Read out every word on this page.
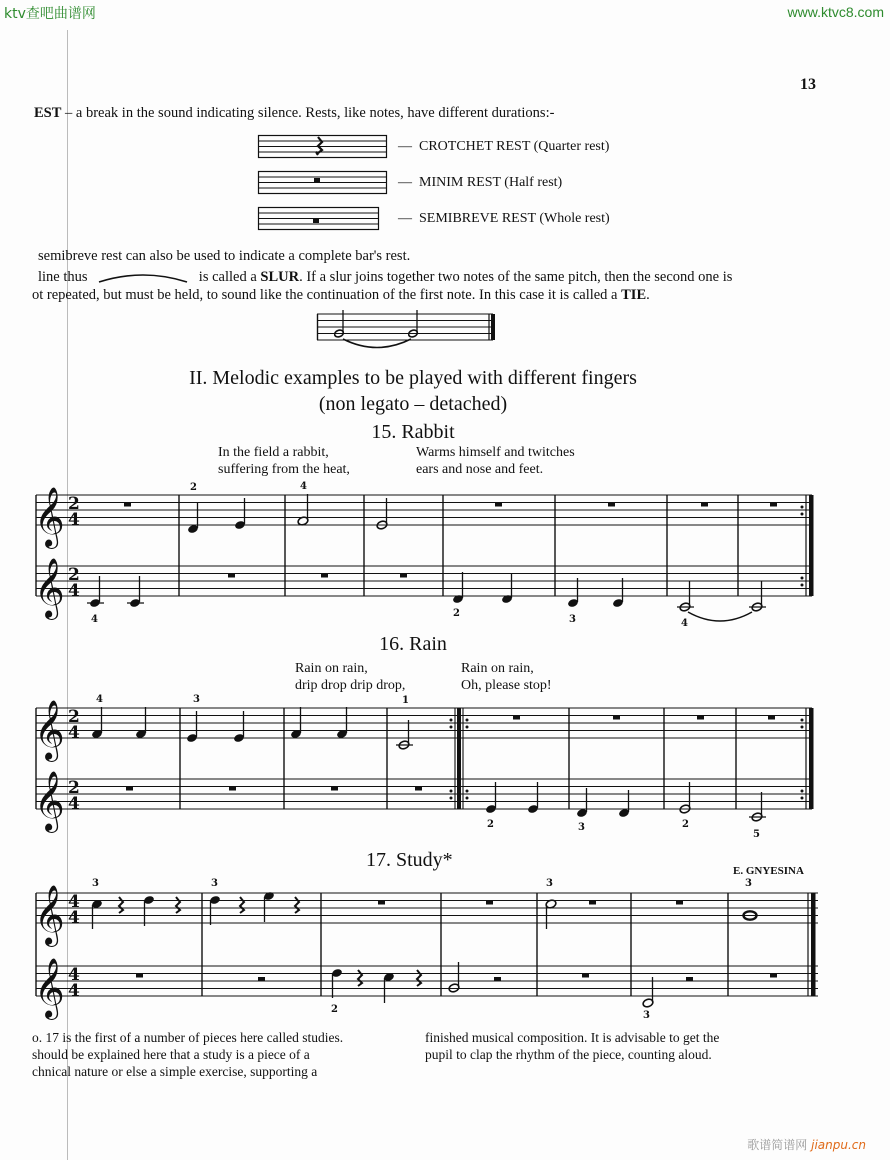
ktv查吧曲谱网	www.ktvc8.com
13
EST – a break in the sound indicating silence. Rests, like notes, have different durations:-
— CROTCHET REST (Quarter rest)
— MINIM REST (Half rest)
— SEMIBREVE REST (Whole rest)
semibreve rest can also be used to indicate a complete bar's rest.
line thus	is called a SLUR. If a slur joins together two notes of the same pitch, then the second one is
ot repeated, but must be held, to sound like the continuation of the first note. In this case it is called a TIE.
II. Melodic examples to be played with different fingers
(non legato – detached)
15. Rabbit
In the field a rabbit,
suffering from the heat,
Warms himself and twitches
ears and nose and feet.
𝄞
𝄞
2
4
2
4
2	4
4
2
3	4
16. Rain
Rain on rain,
drip drop drip drop,
Rain on rain,
Oh, please stop!
𝄞
𝄞
2
4
2
4
4	3	1
2	3	2
5
17. Study*	E. GNYESINA
𝄞
𝄞
4
4
4
4
3	3	3	3
2
3
o. 17 is the first of a number of pieces here called studies.
should be explained here that a study is a piece of a
chnical nature or else a simple exercise, supporting a
finished musical composition. It is advisable to get the
pupil to clap the rhythm of the piece, counting aloud.
歌谱简谱网 jianpu.cn
